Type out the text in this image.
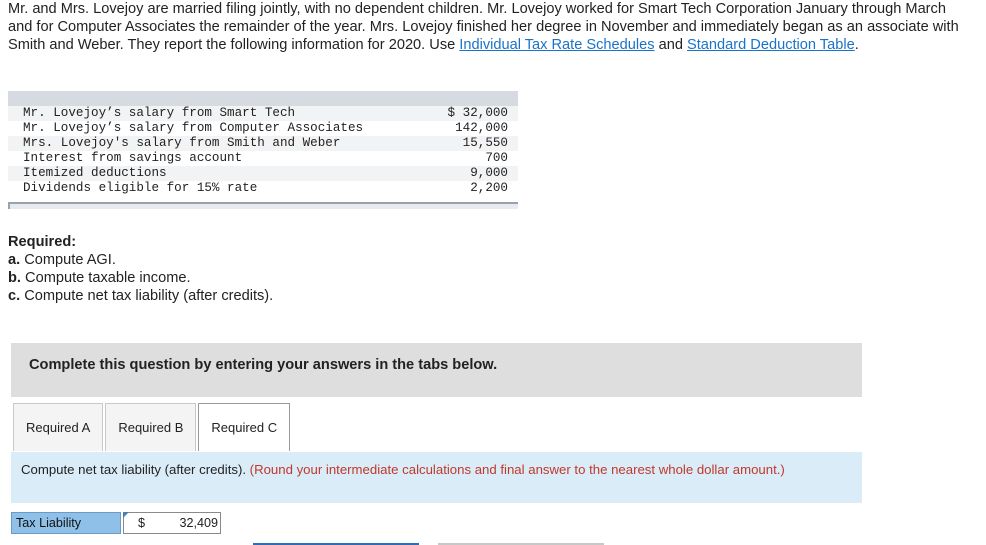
Mr. and Mrs. Lovejoy are married filing jointly, with no dependent children. Mr. Lovejoy worked for Smart Tech Corporation January through March and for Computer Associates the remainder of the year. Mrs. Lovejoy finished her degree in November and immediately began as an associate with Smith and Weber. They report the following information for 2020. Use Individual Tax Rate Schedules and Standard Deduction Table.
Mr. Lovejoy’s salary from Smart Tech	$ 32,000
Mr. Lovejoy’s salary from Computer Associates	142,000
Mrs. Lovejoy's salary from Smith and Weber	15,550
Interest from savings account	700
Itemized deductions	9,000
Dividends eligible for 15% rate	2,200
Required:
a. Compute AGI.
b. Compute taxable income.
c. Compute net tax liability (after credits).
Complete this question by entering your answers in the tabs below.
Required A	Required B	Required C
Compute net tax liability (after credits). (Round your intermediate calculations and final answer to the nearest whole dollar amount.)
Tax Liability	$	32,409
